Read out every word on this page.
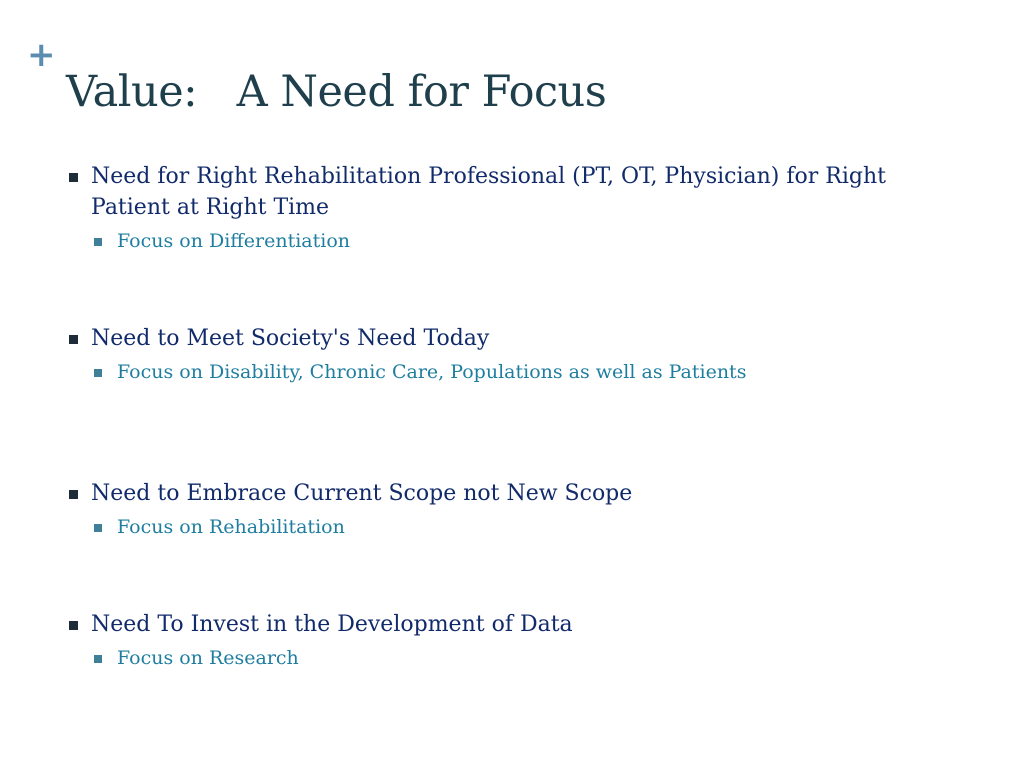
+
Value:   A Need for Focus
Need for Right Rehabilitation Professional (PT, OT, Physician) for Right Patient at Right Time
Focus on Differentiation
Need to Meet Society's Need Today
Focus on Disability, Chronic Care, Populations as well as Patients
Need to Embrace Current Scope not New Scope
Focus on Rehabilitation
Need To Invest in the Development of Data
Focus on Research
